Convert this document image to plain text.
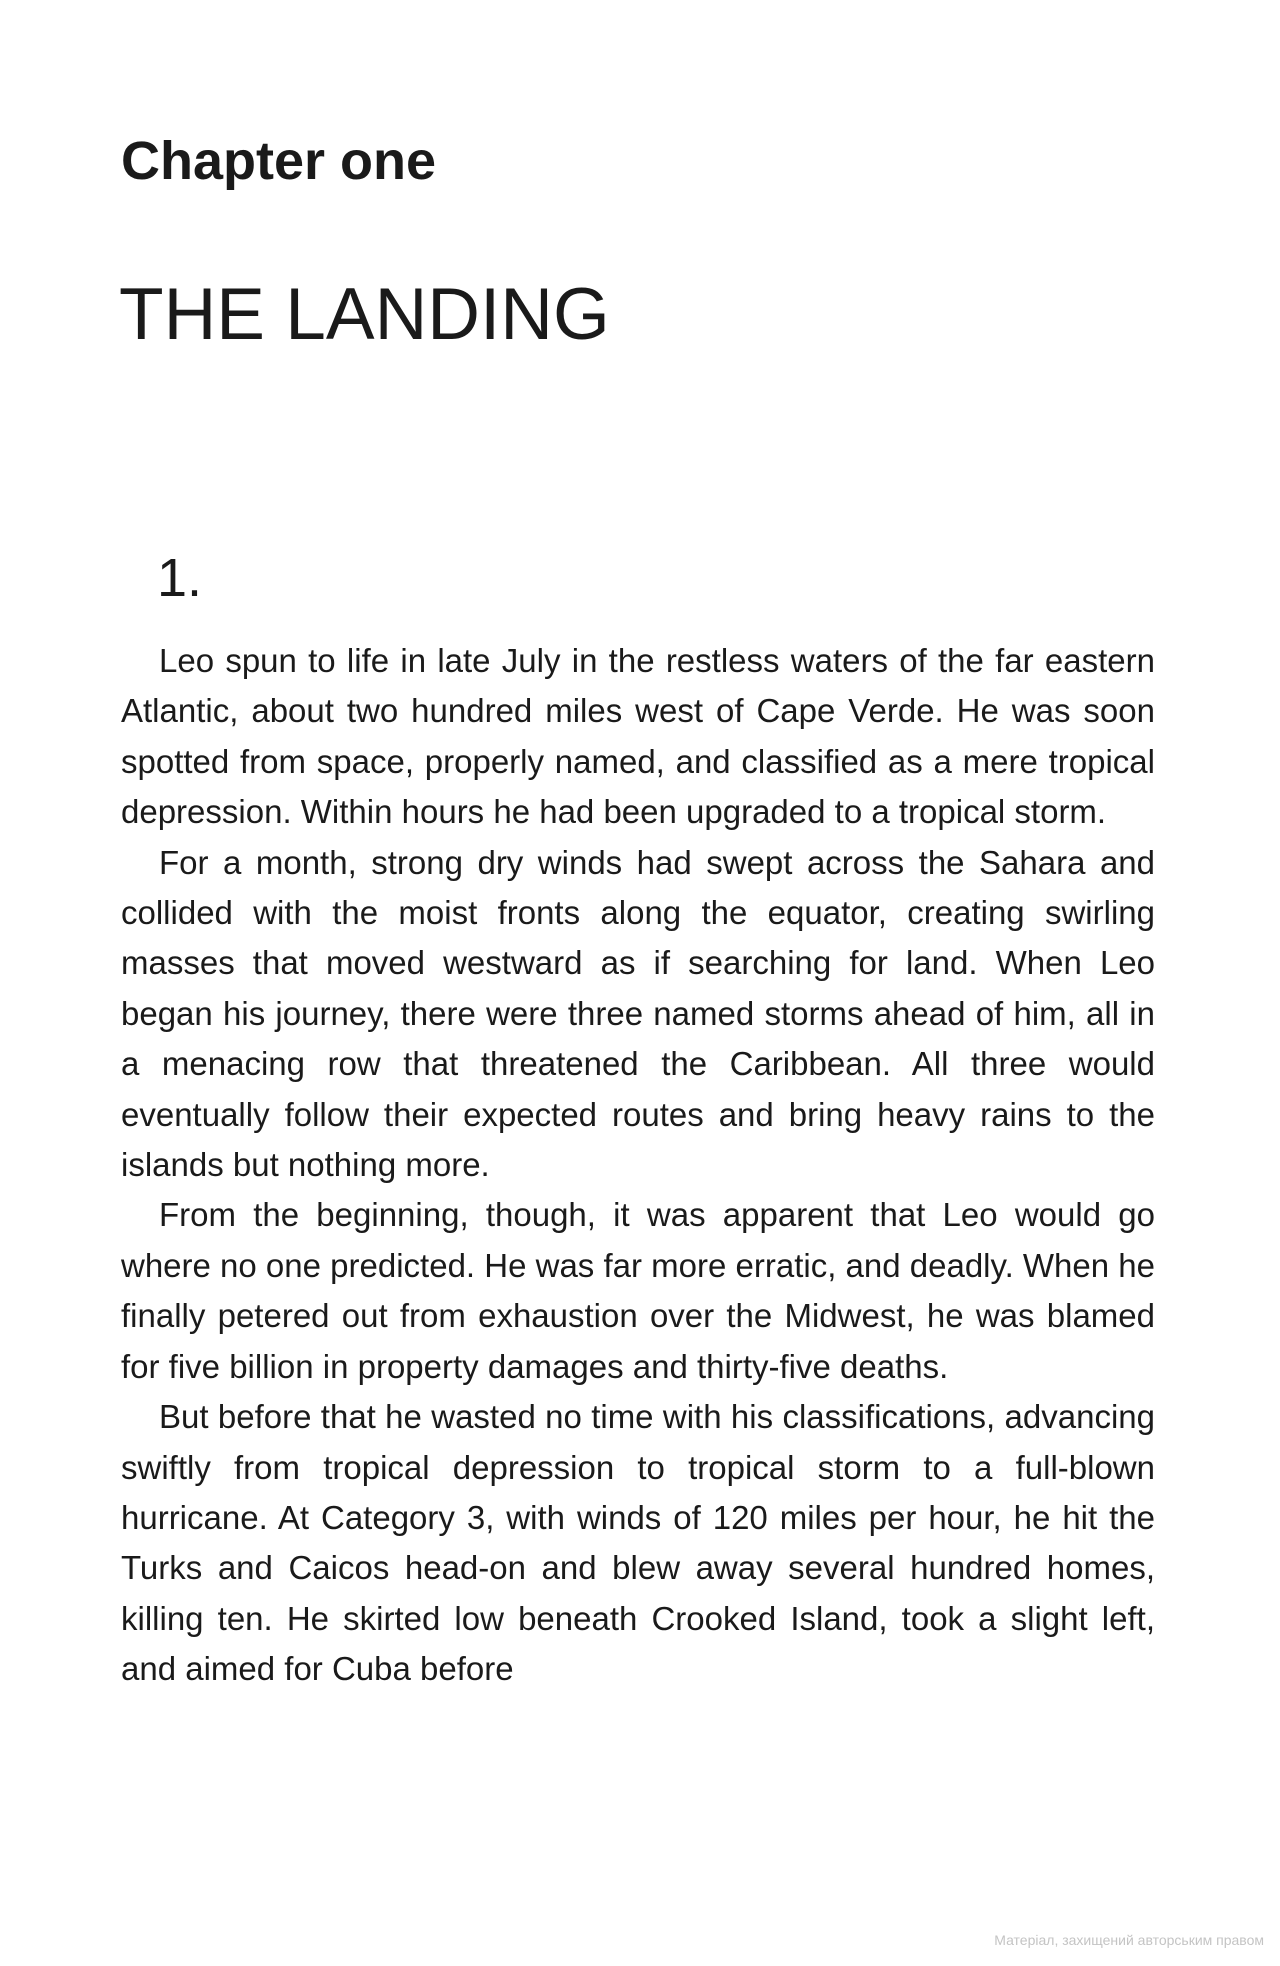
Chapter one
THE LANDING
1.

Leo spun to life in late July in the restless waters of the far eastern Atlantic, about two hundred miles west of Cape Verde. He was soon spotted from space, properly named, and classified as a mere tropical depression. Within hours he had been upgraded to a tropical storm.

For a month, strong dry winds had swept across the Sahara and collided with the moist fronts along the equator, creating swirling masses that moved westward as if searching for land. When Leo began his journey, there were three named storms ahead of him, all in a menacing row that threatened the Caribbean. All three would eventually follow their expected routes and bring heavy rains to the islands but nothing more.

From the beginning, though, it was apparent that Leo would go where no one predicted. He was far more erratic, and deadly. When he finally petered out from exhaustion over the Midwest, he was blamed for five billion in property damages and thirty-five deaths.

But before that he wasted no time with his classifications, advancing swiftly from tropical depression to tropical storm to a full-blown hurricane. At Category 3, with winds of 120 miles per hour, he hit the Turks and Caicos head-on and blew away several hundred homes, killing ten. He skirted low beneath Crooked Island, took a slight left, and aimed for Cuba before

Матеріал, захищений авторським правом
